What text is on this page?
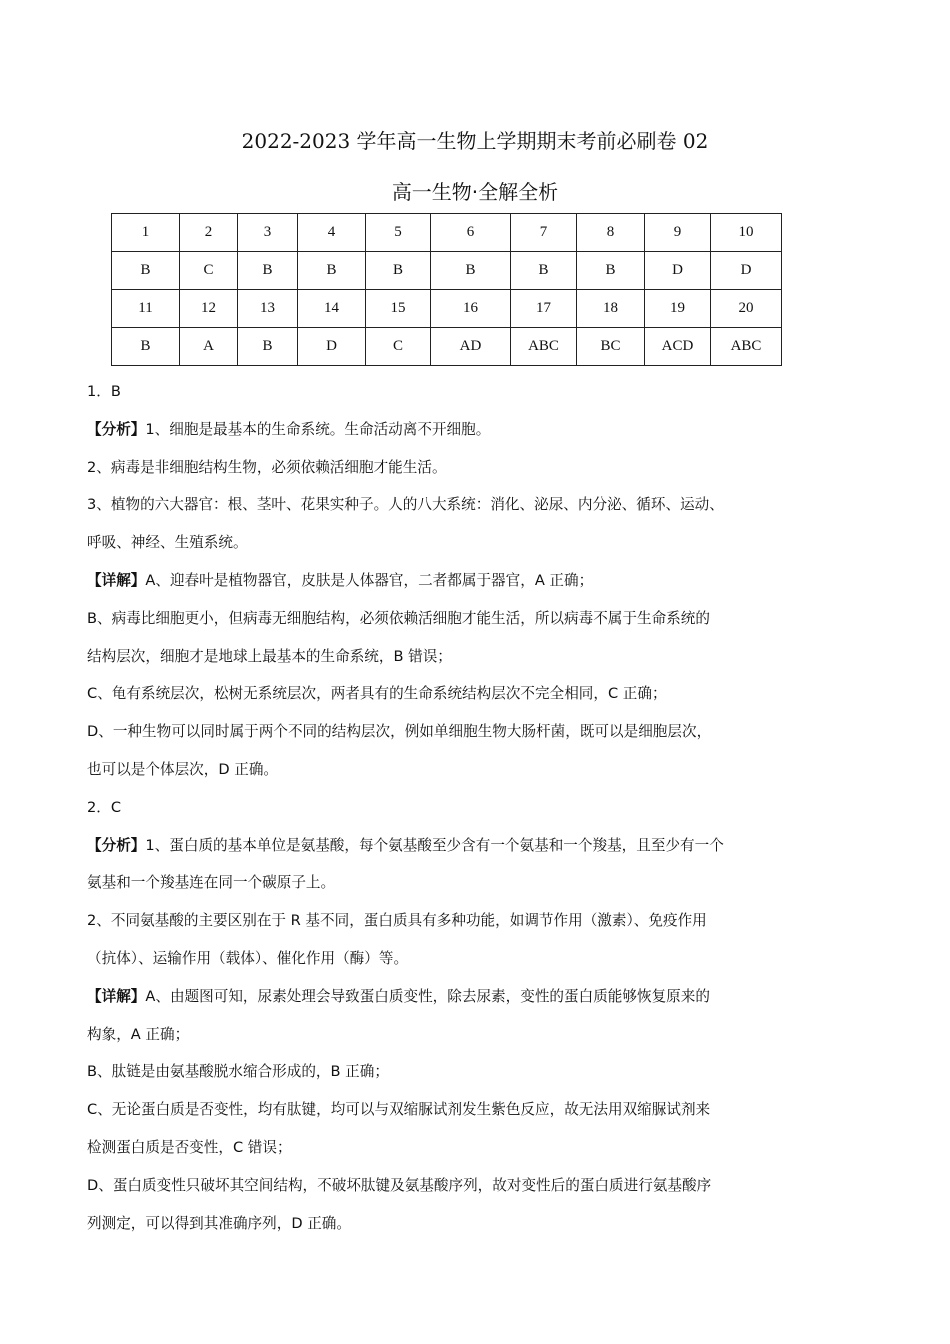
2022-2023 学年高一生物上学期期末考前必刷卷 02
高一生物·全解全析
1	2	3	4	5	6	7	8	9	10
B	C	B	B	B	B	B	B	D	D
11	12	13	14	15	16	17	18	19	20
B	A	B	D	C	AD	ABC	BC	ACD	ABC
1．B
【分析】1、细胞是最基本的生命系统。生命活动离不开细胞。
2、病毒是非细胞结构生物，必须依赖活细胞才能生活。
3、植物的六大器官：根、茎叶、花果实种子。人的八大系统：消化、泌尿、内分泌、循环、运动、
呼吸、神经、生殖系统。
【详解】A、迎春叶是植物器官，皮肤是人体器官，二者都属于器官，A 正确；
B、病毒比细胞更小，但病毒无细胞结构，必须依赖活细胞才能生活，所以病毒不属于生命系统的
结构层次，细胞才是地球上最基本的生命系统，B 错误；
C、龟有系统层次，松树无系统层次，两者具有的生命系统结构层次不完全相同，C 正确；
D、一种生物可以同时属于两个不同的结构层次，例如单细胞生物大肠杆菌，既可以是细胞层次，
也可以是个体层次，D 正确。
2．C
【分析】1、蛋白质的基本单位是氨基酸，每个氨基酸至少含有一个氨基和一个羧基，且至少有一个
氨基和一个羧基连在同一个碳原子上。
2、不同氨基酸的主要区别在于 R 基不同，蛋白质具有多种功能，如调节作用（激素）、免疫作用
（抗体）、运输作用（载体）、催化作用（酶）等。
【详解】A、由题图可知，尿素处理会导致蛋白质变性，除去尿素，变性的蛋白质能够恢复原来的
构象，A 正确；
B、肽链是由氨基酸脱水缩合形成的，B 正确；
C、无论蛋白质是否变性，均有肽键，均可以与双缩脲试剂发生紫色反应，故无法用双缩脲试剂来
检测蛋白质是否变性，C 错误；
D、蛋白质变性只破坏其空间结构，不破坏肽键及氨基酸序列，故对变性后的蛋白质进行氨基酸序
列测定，可以得到其准确序列，D 正确。
